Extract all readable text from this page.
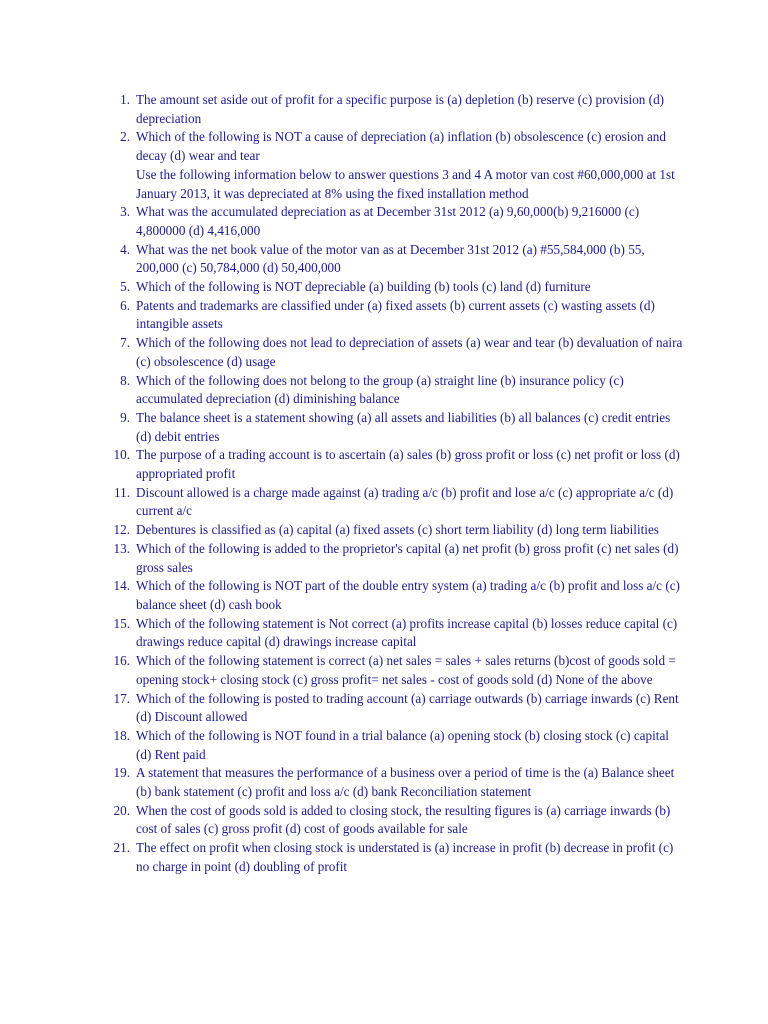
1. The amount set aside out of profit for a specific purpose is (a) depletion (b) reserve (c) provision (d) depreciation
2. Which of the following is NOT a cause of depreciation (a) inflation (b) obsolescence (c) erosion and decay (d) wear and tear
Use the following information below to answer questions 3 and 4 A motor van cost #60,000,000 at 1st January 2013, it was depreciated at 8% using the fixed installation method
3. What was the accumulated depreciation as at December 31st 2012 (a) 9,60,000(b) 9,216000 (c) 4,800000 (d) 4,416,000
4. What was the net book value of the motor van as at December 31st 2012 (a) #55,584,000 (b) 55, 200,000 (c) 50,784,000 (d) 50,400,000
5. Which of the following is NOT depreciable (a) building (b) tools (c) land (d) furniture
6. Patents and trademarks are classified under (a) fixed assets (b) current assets (c) wasting assets (d) intangible assets
7. Which of the following does not lead to depreciation of assets (a) wear and tear (b) devaluation of naira (c) obsolescence (d) usage
8. Which of the following does not belong to the group (a) straight line (b) insurance policy (c) accumulated depreciation (d) diminishing balance
9. The balance sheet is a statement showing (a) all assets and liabilities (b) all balances (c) credit entries (d) debit entries
10. The purpose of a trading account is to ascertain (a) sales (b) gross profit or loss (c) net profit or loss (d) appropriated profit
11. Discount allowed is a charge made against (a) trading a/c (b) profit and lose a/c (c) appropriate a/c (d) current a/c
12. Debentures is classified as (a) capital (a) fixed assets (c) short term liability (d) long term liabilities
13. Which of the following is added to the proprietor's capital (a) net profit (b) gross profit (c) net sales (d) gross sales
14. Which of the following is NOT part of the double entry system (a) trading a/c (b) profit and loss a/c (c) balance sheet (d) cash book
15. Which of the following statement is Not correct (a) profits increase capital (b) losses reduce capital (c) drawings reduce capital (d) drawings increase capital
16. Which of the following statement is correct (a) net sales = sales + sales returns (b)cost of goods sold = opening stock+ closing stock (c) gross profit= net sales - cost of goods sold (d) None of the above
17. Which of the following is posted to trading account (a) carriage outwards (b) carriage inwards (c) Rent (d) Discount allowed
18. Which of the following is NOT found in a trial balance (a) opening stock (b) closing stock (c) capital (d) Rent paid
19. A statement that measures the performance of a business over a period of time is the (a) Balance sheet (b) bank statement (c) profit and loss a/c (d) bank Reconciliation statement
20. When the cost of goods sold is added to closing stock, the resulting figures is (a) carriage inwards (b) cost of sales (c) gross profit (d) cost of goods available for sale
21. The effect on profit when closing stock is understated is (a) increase in profit (b) decrease in profit (c) no charge in point (d) doubling of profit
